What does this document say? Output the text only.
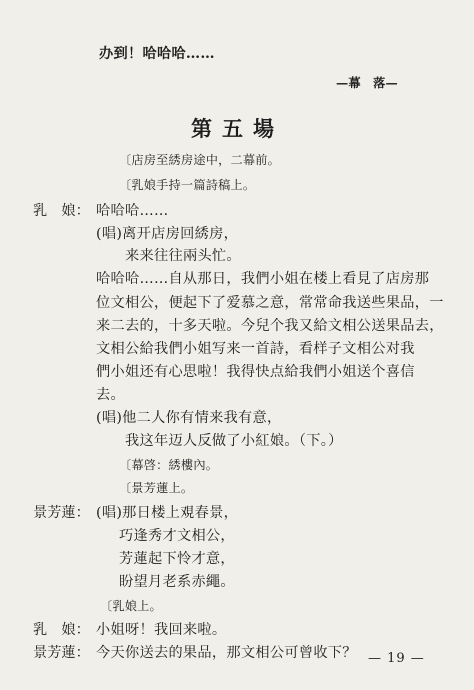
办到！哈哈哈……
—幕　落—
第五場
〔店房至綉房途中，二幕前。
〔乳娘手持一篇詩稿上。
乳　娘： 哈哈哈……
(唱)离开店房回綉房，
来来往往兩头忙。
哈哈哈……自从那日，我們小姐在楼上看見了店房那
位文相公，便起下了爱慕之意，常常命我送些果品，一
来二去的，十多天啦。今兒个我又給文相公送果品去，
文相公給我們小姐写来一首詩，看样子文相公对我
們小姐还有心思啦！我得快点給我們小姐送个喜信
去。
(唱)他二人你有情来我有意，
我这年迈人反做了小紅娘。（下。）
〔幕啓：綉樓內。
〔景芳蓮上。
景芳蓮： (唱)那日楼上覌春景，
巧逢秀才文相公，
芳蓮起下怜才意，
盼望月老系赤繩。
〔乳娘上。
乳　娘： 小姐呀！我回来啦。
景芳蓮： 今天你送去的果品，那文相公可曾收下？ — 19 —
